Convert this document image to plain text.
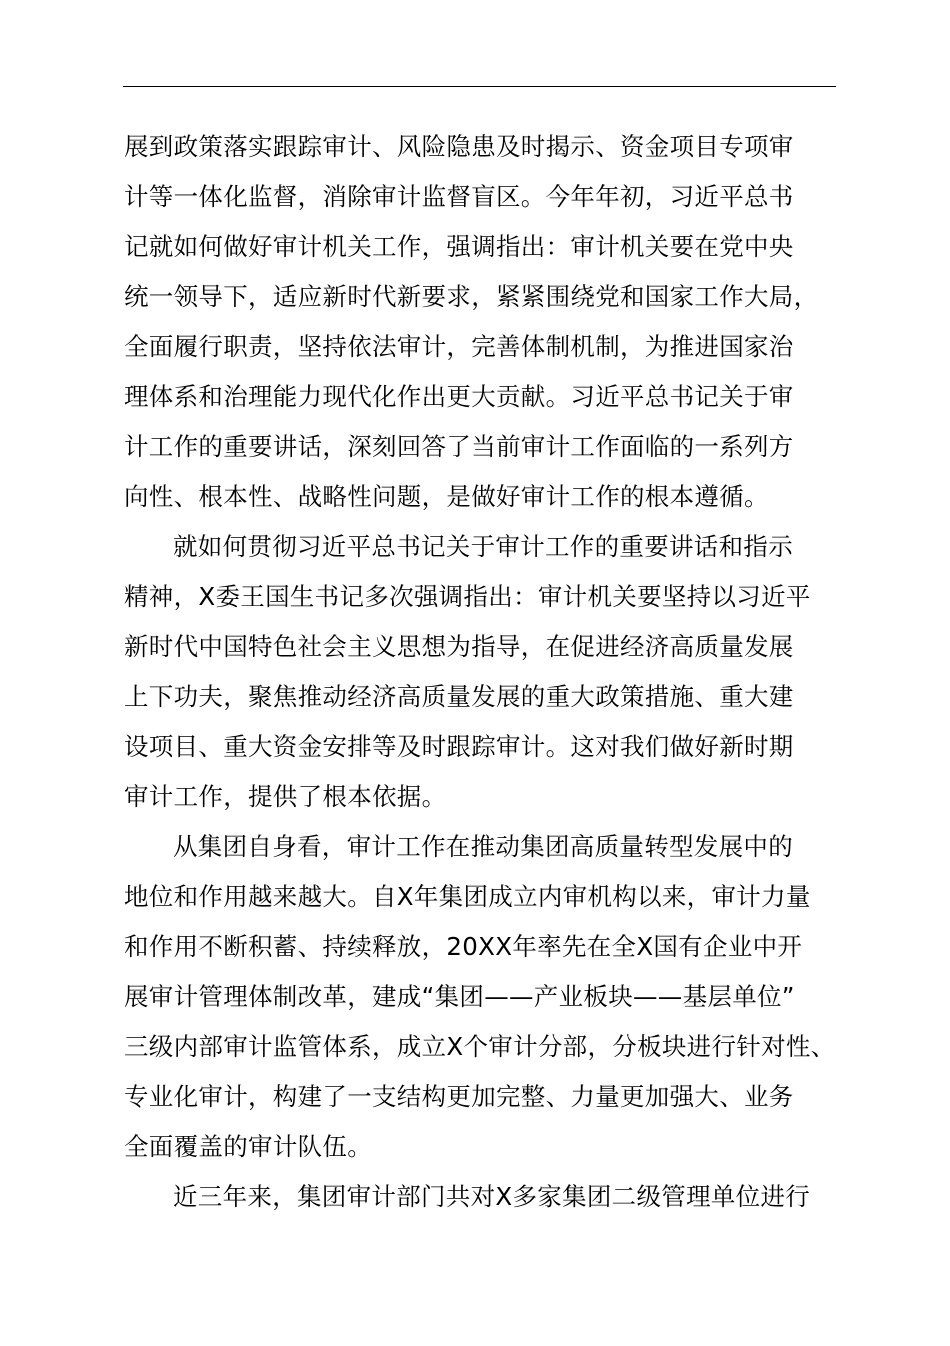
展到政策落实跟踪审计、风险隐患及时揭示、资金项目专项审
计等一体化监督，消除审计监督盲区。今年年初，习近平总书
记就如何做好审计机关工作，强调指出：审计机关要在党中央
统一领导下，适应新时代新要求，紧紧围绕党和国家工作大局，
全面履行职责，坚持依法审计，完善体制机制，为推进国家治
理体系和治理能力现代化作出更大贡献。习近平总书记关于审
计工作的重要讲话，深刻回答了当前审计工作面临的一系列方
向性、根本性、战略性问题，是做好审计工作的根本遵循。
就如何贯彻习近平总书记关于审计工作的重要讲话和指示
精神，X委王国生书记多次强调指出：审计机关要坚持以习近平
新时代中国特色社会主义思想为指导，在促进经济高质量发展
上下功夫，聚焦推动经济高质量发展的重大政策措施、重大建
设项目、重大资金安排等及时跟踪审计。这对我们做好新时期
审计工作，提供了根本依据。
从集团自身看，审计工作在推动集团高质量转型发展中的
地位和作用越来越大。自X年集团成立内审机构以来，审计力量
和作用不断积蓄、持续释放，20XX年率先在全X国有企业中开
展审计管理体制改革，建成“集团——产业板块——基层单位”
三级内部审计监管体系，成立X个审计分部，分板块进行针对性、
专业化审计，构建了一支结构更加完整、力量更加强大、业务
全面覆盖的审计队伍。
近三年来，集团审计部门共对X多家集团二级管理单位进行
